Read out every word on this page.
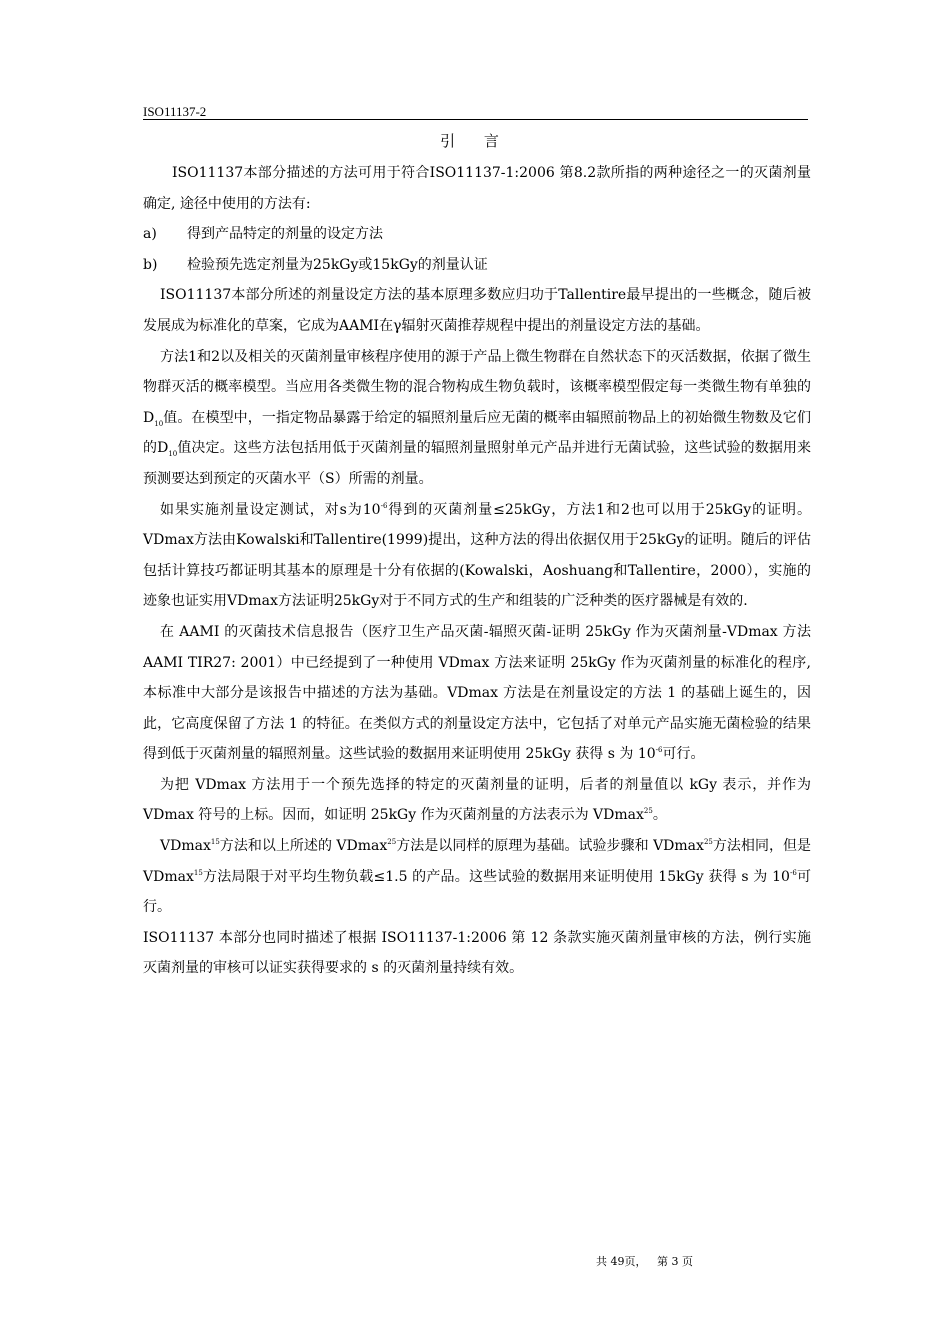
ISO11137-2
引 言

ISO11137本部分描述的方法可用于符合ISO11137-1:2006 第8.2款所指的两种途径之一的灭菌剂量确定, 途径中使用的方法有:

a) 得到产品特定的剂量的设定方法

b) 检验预先选定剂量为25kGy或15kGy的剂量认证

ISO11137本部分所述的剂量设定方法的基本原理多数应归功于Tallentire最早提出的一些概念，随后被发展成为标准化的草案，它成为AAMI在γ辐射灭菌推荐规程中提出的剂量设定方法的基础。

方法1和2以及相关的灭菌剂量审核程序使用的源于产品上微生物群在自然状态下的灭活数据，依据了微生物群灭活的概率模型。当应用各类微生物的混合物构成生物负载时，该概率模型假定每一类微生物有单独的$D_{10}$值。在模型中，一指定物品暴露于给定的辐照剂量后应无菌的概率由辐照前物品上的初始微生物数及它们的$D_{10}$值决定。这些方法包括用低于灭菌剂量的辐照剂量照射单元产品并进行无菌试验，这些试验的数据用来预测要达到预定的灭菌水平（S）所需的剂量。

如果实施剂量设定测试，对s为$10^{-6}$得到的灭菌剂量≤25kGy，方法1和2也可以用于25kGy的证明。VDmax方法由Kowalski和Tallentire(1999)提出，这种方法的得出依据仅用于25kGy的证明。随后的评估包括计算技巧都证明其基本的原理是十分有依据的(Kowalski，Aoshuang和Tallentire，2000），实施的迹象也证实用VDmax方法证明25kGy对于不同方式的生产和组装的广泛种类的医疗器械是有效的.

在 AAMI 的灭菌技术信息报告（医疗卫生产品灭菌-辐照灭菌-证明 25kGy 作为灭菌剂量-VDmax 方法 AAMI TIR27: 2001）中已经提到了一种使用 VDmax 方法来证明 25kGy 作为灭菌剂量的标准化的程序, 本标准中大部分是该报告中描述的方法为基础。VDmax 方法是在剂量设定的方法 1 的基础上诞生的，因此，它高度保留了方法 1 的特征。在类似方式的剂量设定方法中，它包括了对单元产品实施无菌检验的结果得到低于灭菌剂量的辐照剂量。这些试验的数据用来证明使用 25kGy 获得 s 为 $10^{-6}$可行。

为把 VDmax 方法用于一个预先选择的特定的灭菌剂量的证明，后者的剂量值以 kGy 表示，并作为 VDmax 符号的上标。因而，如证明 25kGy 作为灭菌剂量的方法表示为 VDmax$^{25}$。

VDmax$^{15}$方法和以上所述的 VDmax$^{25}$方法是以同样的原理为基础。试验步骤和 VDmax$^{25}$方法相同，但是 VDmax$^{15}$方法局限于对平均生物负载≤1.5 的产品。这些试验的数据用来证明使用 15kGy 获得 s 为 $10^{-6}$可行。

ISO11137 本部分也同时描述了根据 ISO11137-1:2006 第 12 条款实施灭菌剂量审核的方法，例行实施灭菌剂量的审核可以证实获得要求的 s 的灭菌剂量持续有效。

共 49页，   第 3 页
